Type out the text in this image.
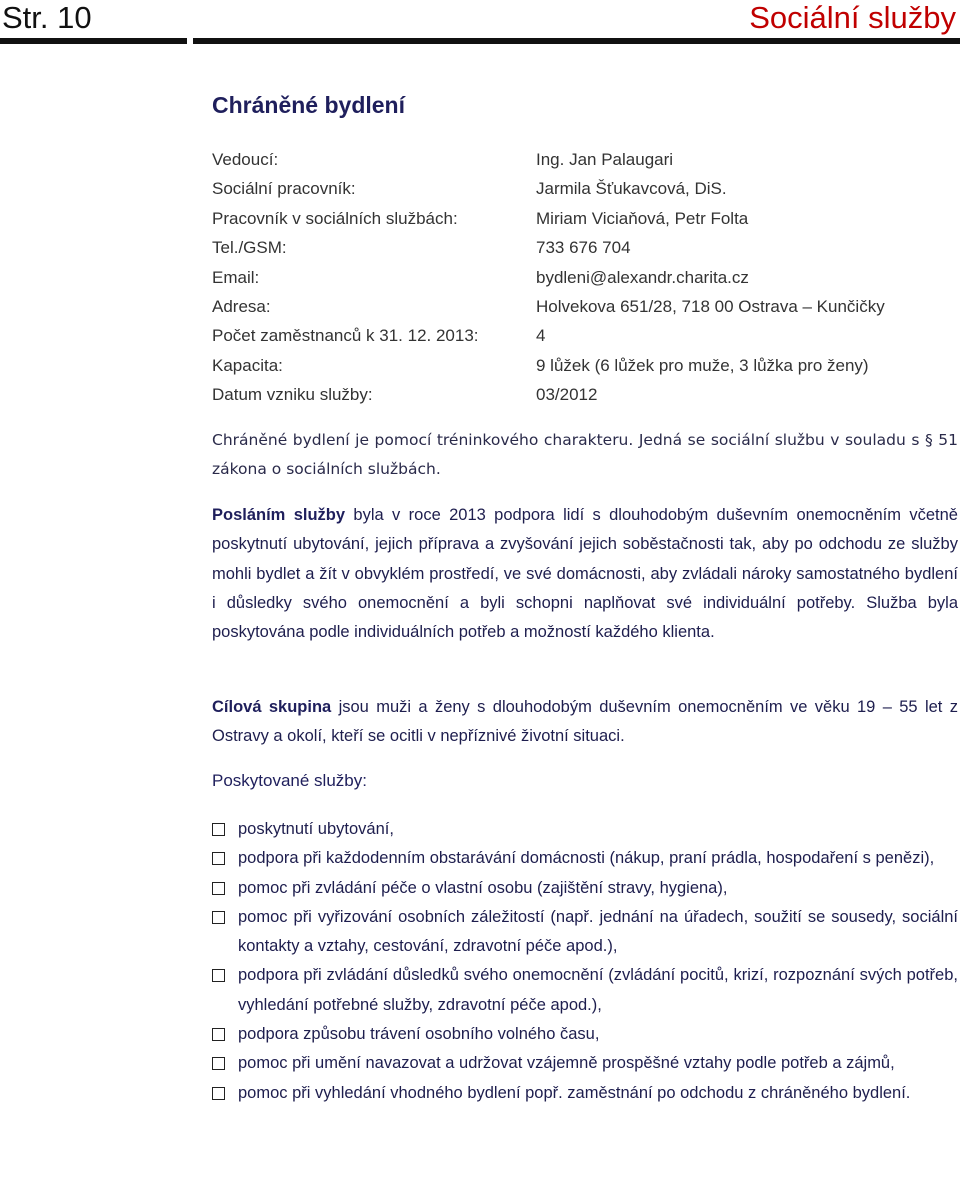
Str. 10	Sociální služby
Chráněné bydlení
Vedoucí:	Ing. Jan Palaugari
Sociální pracovník:	Jarmila Šťukavcová, DiS.
Pracovník v sociálních službách:	Miriam Viciaňová, Petr Folta
Tel./GSM:	733 676 704
Email:	bydleni@alexandr.charita.cz
Adresa:	Holvekova 651/28, 718 00 Ostrava – Kunčičky
Počet zaměstnanců k 31. 12. 2013:	4
Kapacita:	9 lůžek (6 lůžek pro muže, 3 lůžka pro ženy)
Datum vzniku služby:	03/2012
Chráněné bydlení je pomocí tréninkového charakteru. Jedná se sociální službu v souladu s § 51 zákona o sociálních službách.
Posláním služby byla v roce 2013 podpora lidí s dlouhodobým duševním onemocněním včetně poskytnutí ubytování, jejich příprava a zvyšování jejich soběstačnosti tak, aby po odchodu ze služby mohli bydlet a žít v obvyklém prostředí, ve své domácnosti, aby zvládali nároky samostatného bydlení i důsledky svého onemocnění a byli schopni naplňovat své individuální potřeby. Služba byla poskytována podle individuálních potřeb a možností každého klienta.
Cílová skupina jsou muži a ženy s dlouhodobým duševním onemocněním ve věku 19 – 55 let z Ostravy a okolí, kteří se ocitli v nepříznivé životní situaci.
Poskytované služby:
poskytnutí ubytování,
podpora při každodenním obstarávání domácnosti (nákup, praní prádla, hospodaření s penězi),
pomoc při zvládání péče o vlastní osobu (zajištění stravy, hygiena),
pomoc při vyřizování osobních záležitostí (např. jednání na úřadech, soužití se sousedy, sociální kontakty a vztahy, cestování, zdravotní péče apod.),
podpora při zvládání důsledků svého onemocnění (zvládání pocitů, krizí, rozpoznání svých potřeb, vyhledání potřebné služby, zdravotní péče apod.),
podpora způsobu trávení osobního volného času,
pomoc při umění navazovat a udržovat vzájemně prospěšné vztahy podle potřeb a zájmů,
pomoc při vyhledání vhodného bydlení popř. zaměstnání po odchodu z chráněného bydlení.
